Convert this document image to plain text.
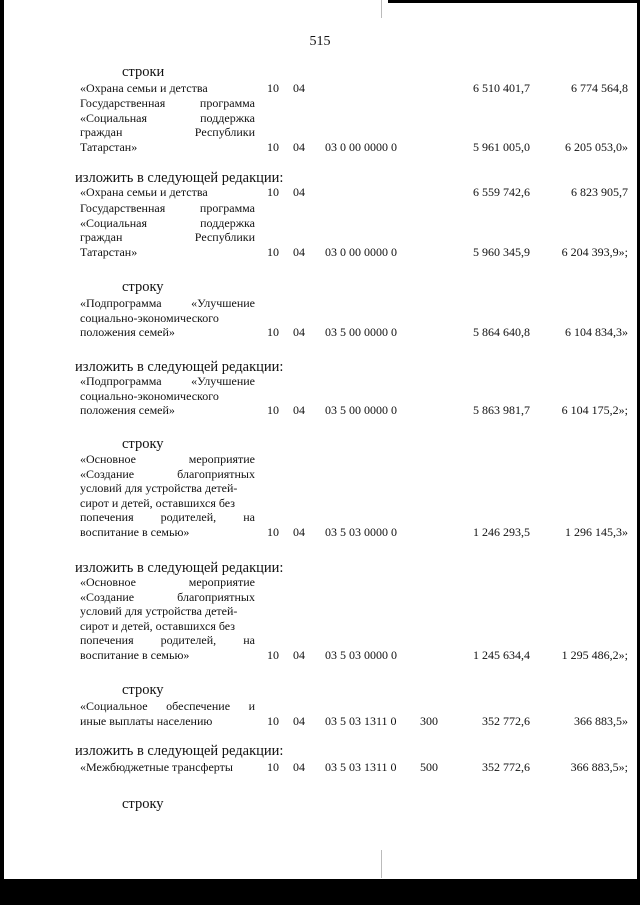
515
строки
изложить в следующей редакции:
строку
изложить в следующей редакции:
строку
изложить в следующей редакции:
строку
изложить в следующей редакции:
строку
«Охрана семьи и детства	10 04	6 510 401,7	6 774 564,8
Государственная программа
«Социальная поддержка
граждан Республики
Татарстан»	10 04 03 0 00 0000 0	5 961 005,0	6 205 053,0»
«Охрана семьи и детства	10 04	6 559 742,6	6 823 905,7
Государственная программа
«Социальная поддержка
граждан Республики
Татарстан»	10 04 03 0 00 0000 0	5 960 345,9	6 204 393,9»;
«Подпрограмма «Улучшение
социально-экономического
положения семей»	10 04 03 5 00 0000 0	5 864 640,8	6 104 834,3»
«Подпрограмма «Улучшение
социально-экономического
положения семей»	10 04 03 5 00 0000 0	5 863 981,7	6 104 175,2»;
«Основное мероприятие
«Создание благоприятных
условий для устройства детей-
сирот и детей, оставшихся без
попечения родителей, на
воспитание в семью»	10 04 03 5 03 0000 0	1 246 293,5	1 296 145,3»
«Основное мероприятие
«Создание благоприятных
условий для устройства детей-
сирот и детей, оставшихся без
попечения родителей, на
воспитание в семью»	10 04 03 5 03 0000 0	1 245 634,4	1 295 486,2»;
«Социальное обеспечение и
иные выплаты населению	10 04 03 5 03 1311 0 300	352 772,6	366 883,5»
«Межбюджетные трансферты	10 04 03 5 03 1311 0 500	352 772,6	366 883,5»;
